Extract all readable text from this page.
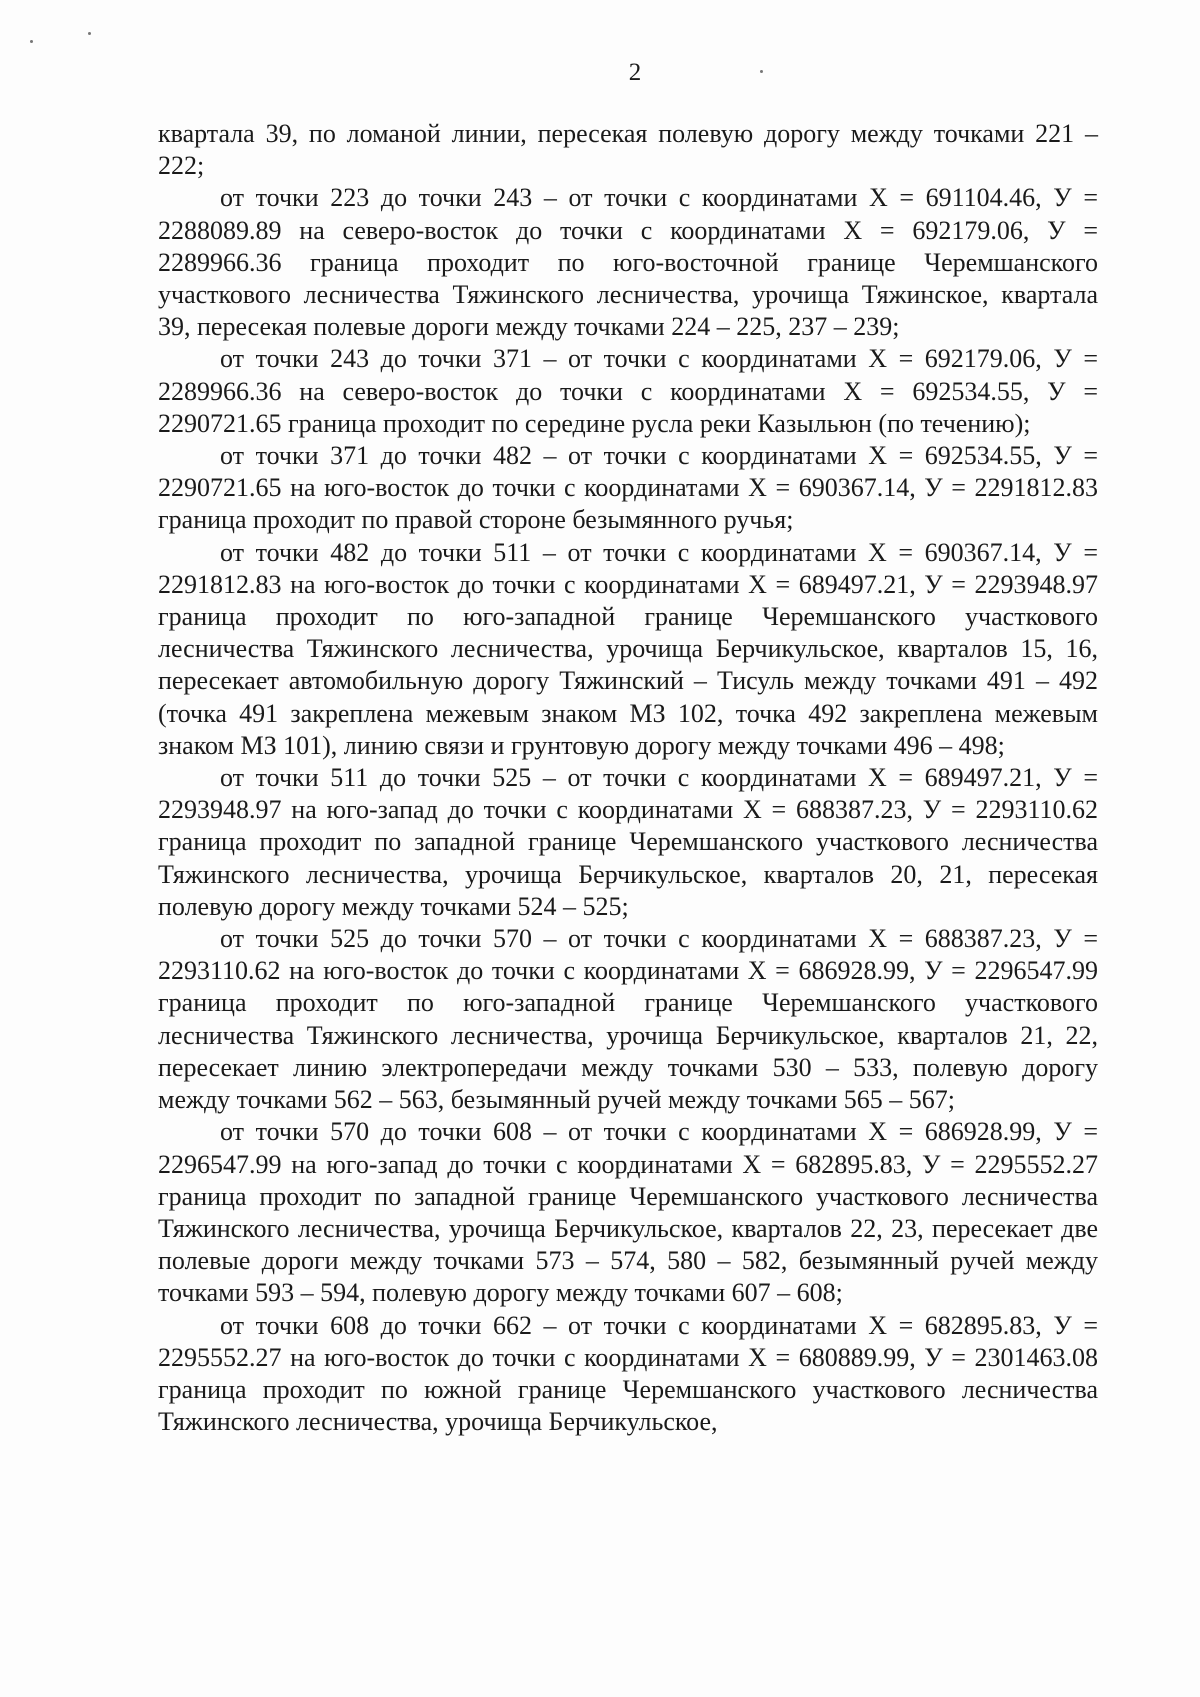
2

квартала 39, по ломаной линии, пересекая полевую дорогу между точками 221 – 222;

от точки 223 до точки 243 – от точки с координатами Х = 691104.46, У = 2288089.89 на северо-восток до точки с координатами Х = 692179.06, У = 2289966.36 граница проходит по юго-восточной границе Черемшанского участкового лесничества Тяжинского лесничества, урочища Тяжинское, квартала 39, пересекая полевые дороги между точками 224 – 225, 237 – 239;

от точки 243 до точки 371 – от точки с координатами Х = 692179.06, У = 2289966.36 на северо-восток до точки с координатами Х = 692534.55, У = 2290721.65 граница проходит по середине русла реки Казыльюн (по течению);

от точки 371 до точки 482 – от точки с координатами Х = 692534.55, У = 2290721.65 на юго-восток до точки с координатами Х = 690367.14, У = 2291812.83 граница проходит по правой стороне безымянного ручья;

от точки 482 до точки 511 – от точки с координатами Х = 690367.14, У = 2291812.83 на юго-восток до точки с координатами Х = 689497.21, У = 2293948.97 граница проходит по юго-западной границе Черемшанского участкового лесничества Тяжинского лесничества, урочища Берчикульское, кварталов 15, 16, пересекает автомобильную дорогу Тяжинский – Тисуль между точками 491 – 492 (точка 491 закреплена межевым знаком МЗ 102, точка 492 закреплена межевым знаком МЗ 101), линию связи и грунтовую дорогу между точками 496 – 498;

от точки 511 до точки 525 – от точки с координатами Х = 689497.21, У = 2293948.97 на юго-запад до точки с координатами Х = 688387.23, У = 2293110.62 граница проходит по западной границе Черемшанского участкового лесничества Тяжинского лесничества, урочища Берчикульское, кварталов 20, 21, пересекая полевую дорогу между точками 524 – 525;

от точки 525 до точки 570 – от точки с координатами Х = 688387.23, У = 2293110.62 на юго-восток до точки с координатами Х = 686928.99, У = 2296547.99 граница проходит по юго-западной границе Черемшанского участкового лесничества Тяжинского лесничества, урочища Берчикульское, кварталов 21, 22, пересекает линию электропередачи между точками 530 – 533, полевую дорогу между точками 562 – 563, безымянный ручей между точками 565 – 567;

от точки 570 до точки 608 – от точки с координатами Х = 686928.99, У = 2296547.99 на юго-запад до точки с координатами Х = 682895.83, У = 2295552.27 граница проходит по западной границе Черемшанского участкового лесничества Тяжинского лесничества, урочища Берчикульское, кварталов 22, 23, пересекает две полевые дороги между точками 573 – 574, 580 – 582, безымянный ручей между точками 593 – 594, полевую дорогу между точками 607 – 608;

от точки 608 до точки 662 – от точки с координатами Х = 682895.83, У = 2295552.27 на юго-восток до точки с координатами Х = 680889.99, У = 2301463.08 граница проходит по южной границе Черемшанского участкового лесничества Тяжинского лесничества, урочища Берчикульское,
